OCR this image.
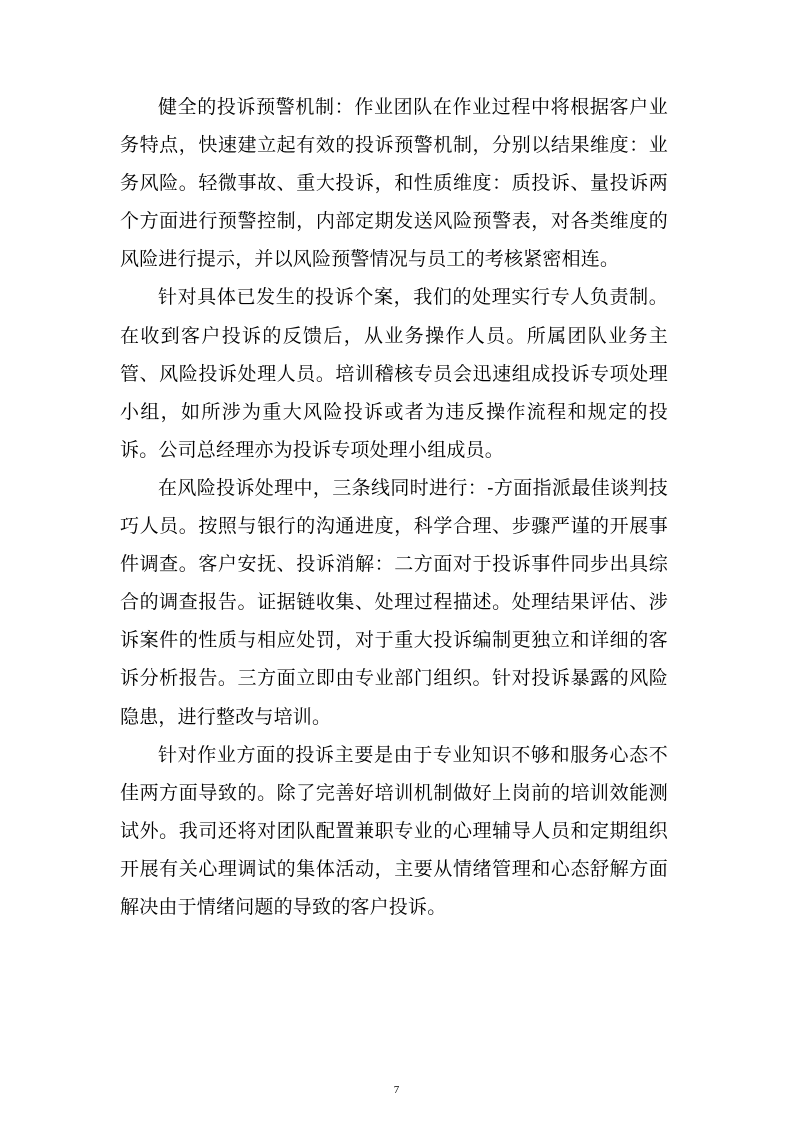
健全的投诉预警机制：作业团队在作业过程中将根据客户业务特点，快速建立起有效的投诉预警机制，分别以结果维度：业务风险。轻微事故、重大投诉，和性质维度：质投诉、量投诉两个方面进行预警控制，内部定期发送风险预警表，对各类维度的风险进行提示，并以风险预警情况与员工的考核紧密相连。

针对具体已发生的投诉个案，我们的处理实行专人负责制。在收到客户投诉的反馈后，从业务操作人员。所属团队业务主管、风险投诉处理人员。培训稽核专员会迅速组成投诉专项处理小组，如所涉为重大风险投诉或者为违反操作流程和规定的投诉。公司总经理亦为投诉专项处理小组成员。

在风险投诉处理中，三条线同时进行：-方面指派最佳谈判技巧人员。按照与银行的沟通进度，科学合理、步骤严谨的开展事件调查。客户安抚、投诉消解：二方面对于投诉事件同步出具综合的调查报告。证据链收集、处理过程描述。处理结果评估、涉诉案件的性质与相应处罚，对于重大投诉编制更独立和详细的客诉分析报告。三方面立即由专业部门组织。针对投诉暴露的风险隐患，进行整改与培训。

针对作业方面的投诉主要是由于专业知识不够和服务心态不佳两方面导致的。除了完善好培训机制做好上岗前的培训效能测试外。我司还将对团队配置兼职专业的心理辅导人员和定期组织开展有关心理调试的集体活动，主要从情绪管理和心态舒解方面解决由于情绪问题的导致的客户投诉。

7
